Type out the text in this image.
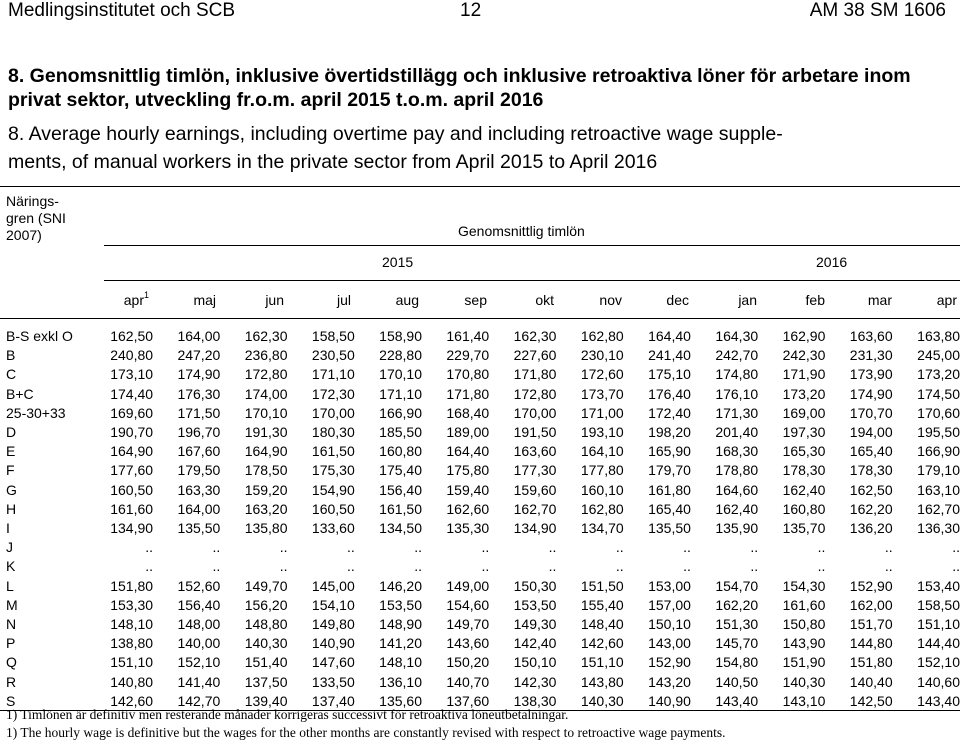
Medlingsinstitutet och SCB	12	AM 38 SM 1606
8. Genomsnittlig timlön, inklusive övertidstillägg och inklusive retroaktiva löner för arbetare inom privat sektor, utveckling fr.o.m. april 2015 t.o.m. april 2016
8. Average hourly earnings, including overtime pay and including retroactive wage supple-
ments, of manual workers in the private sector from April 2015 to April 2016
Närings-
gren (SNI
2007)	Genomsnittlig timlön
2015	2016
apr$^1$	maj	jun	jul	aug	sep	okt	nov	dec	jan	feb	mar	apr
B-S exkl O	162,50	164,00	162,30	158,50	158,90	161,40	162,30	162,80	164,40	164,30	162,90	163,60	163,80
B	240,80	247,20	236,80	230,50	228,80	229,70	227,60	230,10	241,40	242,70	242,30	231,30	245,00
C	173,10	174,90	172,80	171,10	170,10	170,80	171,80	172,60	175,10	174,80	171,90	173,90	173,20
B+C	174,40	176,30	174,00	172,30	171,10	171,80	172,80	173,70	176,40	176,10	173,20	174,90	174,50
25-30+33	169,60	171,50	170,10	170,00	166,90	168,40	170,00	171,00	172,40	171,30	169,00	170,70	170,60
D	190,70	196,70	191,30	180,30	185,50	189,00	191,50	193,10	198,20	201,40	197,30	194,00	195,50
E	164,90	167,60	164,90	161,50	160,80	164,40	163,60	164,10	165,90	168,30	165,30	165,40	166,90
F	177,60	179,50	178,50	175,30	175,40	175,80	177,30	177,80	179,70	178,80	178,30	178,30	179,10
G	160,50	163,30	159,20	154,90	156,40	159,40	159,60	160,10	161,80	164,60	162,40	162,50	163,10
H	161,60	164,00	163,20	160,50	161,50	162,60	162,70	162,80	165,40	162,40	160,80	162,20	162,70
I	134,90	135,50	135,80	133,60	134,50	135,30	134,90	134,70	135,50	135,90	135,70	136,20	136,30
J	..	..	..	..	..	..	..	..	..	..	..	..	..
K	..	..	..	..	..	..	..	..	..	..	..	..	..
L	151,80	152,60	149,70	145,00	146,20	149,00	150,30	151,50	153,00	154,70	154,30	152,90	153,40
M	153,30	156,40	156,20	154,10	153,50	154,60	153,50	155,40	157,00	162,20	161,60	162,00	158,50
N	148,10	148,00	148,80	149,80	148,90	149,70	149,30	148,40	150,10	151,30	150,80	151,70	151,10
P	138,80	140,00	140,30	140,90	141,20	143,60	142,40	142,60	143,00	145,70	143,90	144,80	144,40
Q	151,10	152,10	151,40	147,60	148,10	150,20	150,10	151,10	152,90	154,80	151,90	151,80	152,10
R	140,80	141,40	137,50	133,50	136,10	140,70	142,30	143,80	143,20	140,50	140,30	140,40	140,60
S	142,60	142,70	139,40	137,40	135,60	137,60	138,30	140,30	140,90	143,40	143,10	142,50	143,40
1) Timlönen är definitiv men resterande månader korrigeras successivt för retroaktiva löneutbetalningar.
1) The hourly wage is definitive but the wages for the other months are constantly revised with respect to retroactive wage payments.
